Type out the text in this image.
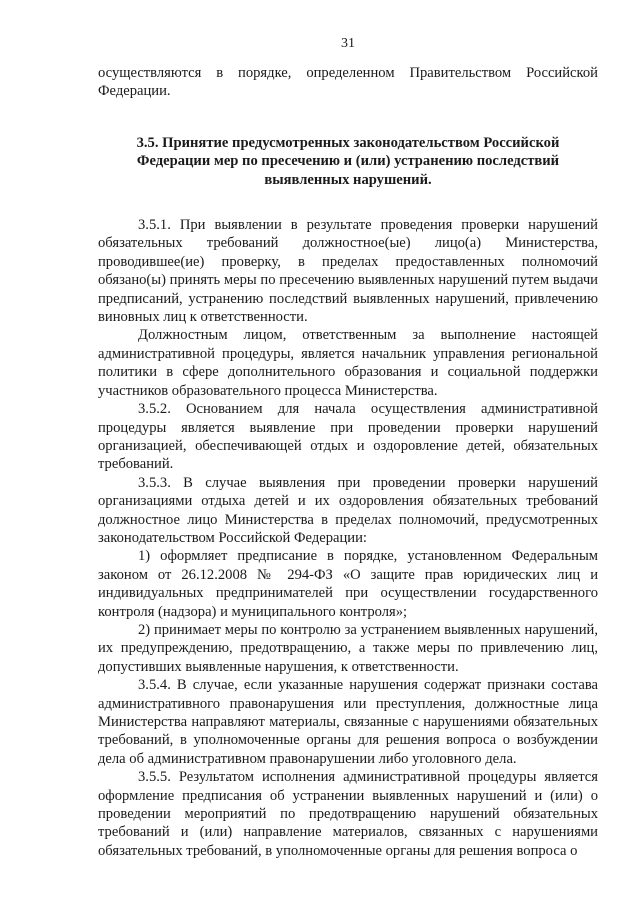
31

осуществляются в порядке, определенном Правительством Российской Федерации.

3.5. Принятие предусмотренных законодательством Российской Федерации мер по пресечению и (или) устранению последствий выявленных нарушений.

3.5.1. При выявлении в результате проведения проверки нарушений обязательных требований должностное(ые) лицо(а) Министерства, проводившее(ие) проверку, в пределах предоставленных полномочий обязано(ы) принять меры по пресечению выявленных нарушений путем выдачи предписаний, устранению последствий выявленных нарушений, привлечению виновных лиц к ответственности.

Должностным лицом, ответственным за выполнение настоящей административной процедуры, является начальник управления региональной политики в сфере дополнительного образования и социальной поддержки участников образовательного процесса Министерства.

3.5.2. Основанием для начала осуществления административной процедуры является выявление при проведении проверки нарушений организацией, обеспечивающей отдых и оздоровление детей, обязательных требований.

3.5.3. В случае выявления при проведении проверки нарушений организациями отдыха детей и их оздоровления обязательных требований должностное лицо Министерства в пределах полномочий, предусмотренных законодательством Российской Федерации:

1) оформляет предписание в порядке, установленном Федеральным законом от 26.12.2008 № 294-ФЗ «О защите прав юридических лиц и индивидуальных предпринимателей при осуществлении государственного контроля (надзора) и муниципального контроля»;

2) принимает меры по контролю за устранением выявленных нарушений, их предупреждению, предотвращению, а также меры по привлечению лиц, допустивших выявленные нарушения, к ответственности.

3.5.4. В случае, если указанные нарушения содержат признаки состава административного правонарушения или преступления, должностные лица Министерства направляют материалы, связанные с нарушениями обязательных требований, в уполномоченные органы для решения вопроса о возбуждении дела об административном правонарушении либо уголовного дела.

3.5.5. Результатом исполнения административной процедуры является оформление предписания об устранении выявленных нарушений и (или) о проведении мероприятий по предотвращению нарушений обязательных требований и (или) направление материалов, связанных с нарушениями обязательных требований, в уполномоченные органы для решения вопроса о
